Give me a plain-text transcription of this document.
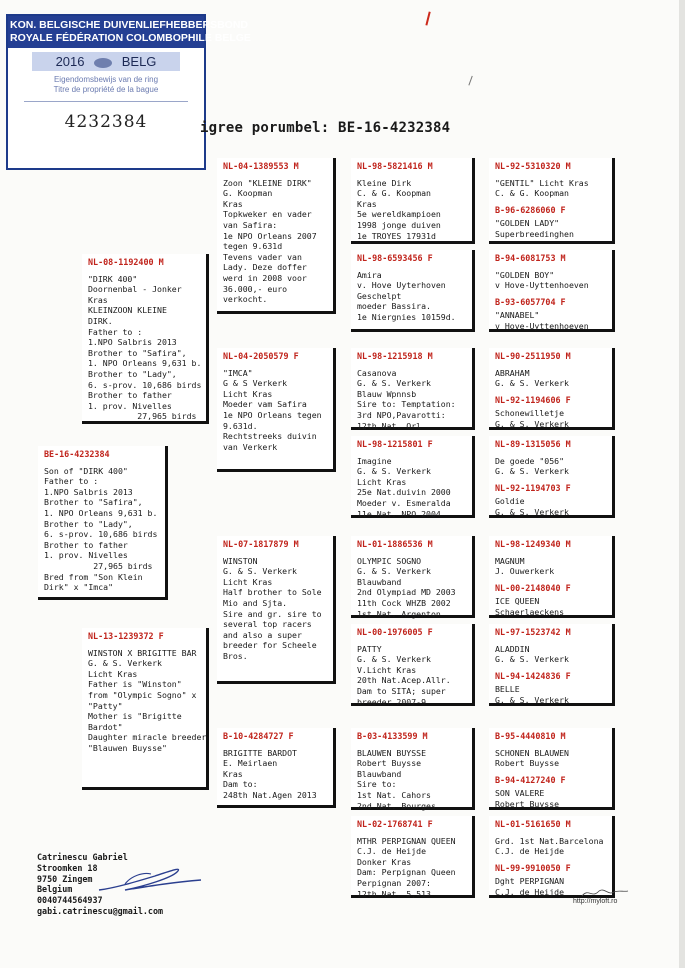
KON. BELGISCHE DUIVENLIEFHEBBERSBOND
ROYALE FÉDÉRATION COLOMBOPHILE BELGE
2016	BELG
Eigendomsbewijs van de ring
Titre de propriété de la bague
4232384	igree porumbel: BE-16-4232384
BE-16-4232384
Son of "DIRK 400"
Father to :
1.NPO Salbris 2013
Brother to "Safira",
1. NPO Orleans 9,631 b.
Brother to "Lady",
6. s-prov. 10,686 birds
Brother to father
1. prov. Nivelles
27,965 birds
Bred from "Son Klein
Dirk" x "Imca"
NL-08-1192400 M
"DIRK 400"
Doornenbal - Jonker
Kras
KLEINZOON KLEINE
DIRK.
Father to :
1.NPO Salbris 2013
Brother to "Safira",
1. NPO Orleans 9,631 b.
Brother to "Lady",
6. s-prov. 10,686 birds
Brother to father
1. prov. Nivelles
27,965 birds
NL-13-1239372 F
WINSTON X BRIGITTE BAR
G. & S. Verkerk
Licht Kras
Father is "Winston"
from "Olympic Sogno" x
"Patty"
Mother is "Brigitte
Bardot"
Daughter miracle breeder
"Blauwen Buysse"
NL-04-1389553 M
Zoon "KLEINE DIRK"
G. Koopman
Kras
Topkweker en vader
van Safira:
1e NPO Orleans 2007
tegen 9.631d
Tevens vader van
Lady. Deze doffer
werd in 2008 voor
36.000,- euro
verkocht.
NL-04-2050579 F
"IMCA"
G & S Verkerk
Licht Kras
Moeder vam Safira
1e NPO Orleans tegen
9.631d.
Rechtstreeks duivin
van Verkerk
NL-07-1817879 M
WINSTON
G. & S. Verkerk
Licht Kras
Half brother to Sole
Mio and Sjta.
Sire and gr. sire to
several top racers
and also a super
breeder for Scheele
Bros.
B-10-4284727 F
BRIGITTE BARDOT
E. Meirlaen
Kras
Dam to:
248th Nat.Agen 2013
NL-98-5821416 M
Kleine Dirk
C. & G. Koopman
Kras
5e wereldkampioen
1998 jonge duiven
1e TROYES 17931d
NL-98-6593456 F
Amira
v. Hove Uyterhoven
Geschelpt
moeder Bassira.
1e Niergnies 10159d.
NL-98-1215918 M
Casanova
G. & S. Verkerk
Blauw Wpnnsb
Sire to: Temptation:
3rd NPO,Pavarotti:
12th Nat. Orl
NL-98-1215801 F
Imagine
G. & S. Verkerk
Licht Kras
25e Nat.duivin 2000
Moeder v. Esmeralda
11e Nat. NPO 2004
NL-01-1886536 M
OLYMPIC SOGNO
G. & S. Verkerk
Blauwband
2nd Olympiad MD 2003
11th Cock WHZB 2002
1st Nat. Argenton
NL-00-1976005 F
PATTY
G. & S. Verkerk
V.Licht Kras
20th Nat.Acep.Allr.
Dam to SITA; super
breeder 2007-9
B-03-4133599 M
BLAUWEN BUYSSE
Robert Buysse
Blauwband
Sire to:
1st Nat. Cahors
2nd Nat. Bourges
NL-02-1768741 F
MTHR PERPIGNAN QUEEN
C.J. de Heijde
Donker Kras
Dam: Perpignan Queen
Perpignan 2007:
12th Nat. 5,513
NL-92-5310320 M
"GENTIL" Licht Kras
C. & G. Koopman
B-96-6286060 F
"GOLDEN LADY"
Superbreedinghen
B-94-6081753 M
"GOLDEN BOY"
v Hove-Uyttenhoeven
B-93-6057704 F
"ANNABEL"
v Hove-Uyttenhoeven
NL-90-2511950 M
ABRAHAM
G. & S. Verkerk
NL-92-1194606 F
Schonewilletje
G. & S. Verkerk
NL-89-1315056 M
De goede "056"
G. & S. Verkerk
NL-92-1194703 F
Goldie
G. & S. Verkerk
NL-98-1249340 M
MAGNUM
J. Ouwerkerk
NL-00-2148040 F
ICE QUEEN
Schaerlaeckens
NL-97-1523742 M
ALADDIN
G. & S. Verkerk
NL-94-1424836 F
BELLE
G. & S. Verkerk
B-95-4440810 M
SCHONEN BLAUWEN
Robert Buysse
B-94-4127240 F
SON VALERE
Robert Buysse
NL-01-5161650 M
Grd. 1st Nat.Barcelona
C.J. de Heijde
NL-99-9910050 F
Dght PERPIGNAN
C.J. de Heijde
Catrinescu Gabriel
Stroomken 18
9750 Zingem
Belgium
0040744564937
gabi.catrinescu@gmail.com
http://myloft.ro
